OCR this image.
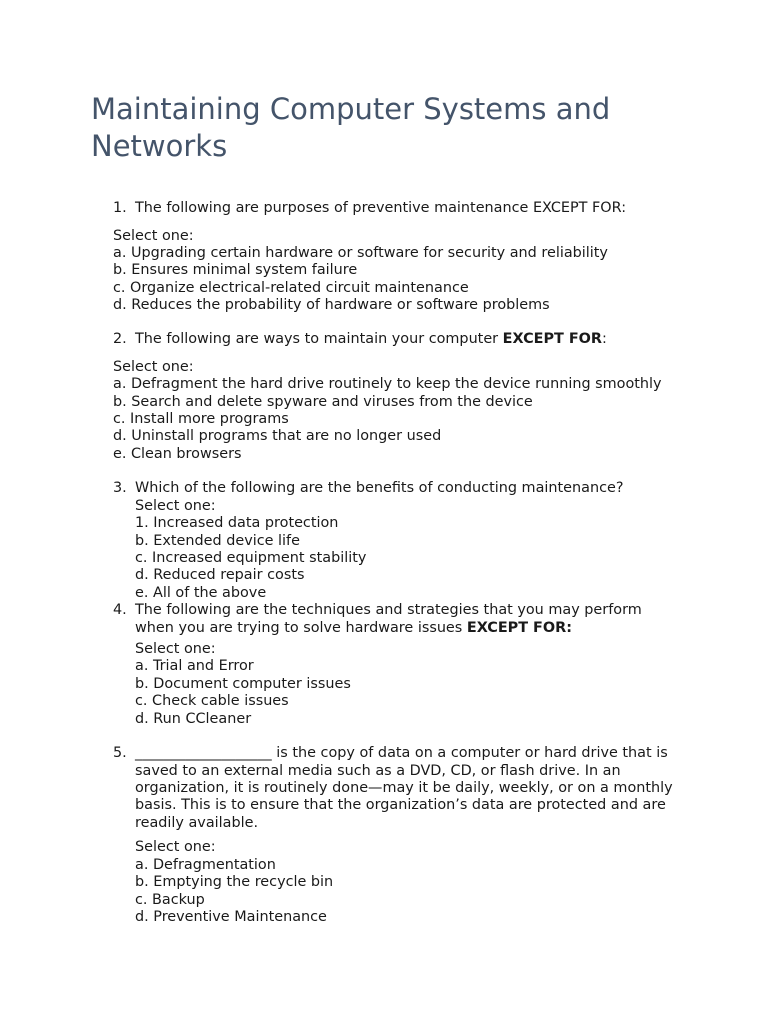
Maintaining Computer Systems and
Networks
1. The following are purposes of preventive maintenance EXCEPT FOR:
Select one:
a. Upgrading certain hardware or software for security and reliability
b. Ensures minimal system failure
c. Organize electrical-related circuit maintenance
d. Reduces the probability of hardware or software problems
2. The following are ways to maintain your computer EXCEPT FOR:
Select one:
a. Defragment the hard drive routinely to keep the device running smoothly
b. Search and delete spyware and viruses from the device
c. Install more programs
d. Uninstall programs that are no longer used
e. Clean browsers
3. Which of the following are the benefits of conducting maintenance?
Select one:
1. Increased data protection
b. Extended device life
c. Increased equipment stability
d. Reduced repair costs
e. All of the above
4. The following are the techniques and strategies that you may perform
when you are trying to solve hardware issues EXCEPT FOR:
Select one:
a. Trial and Error
b. Document computer issues
c. Check cable issues
d. Run CCleaner
5. ___________________ is the copy of data on a computer or hard drive that is
saved to an external media such as a DVD, CD, or flash drive. In an
organization, it is routinely done—may it be daily, weekly, or on a monthly
basis. This is to ensure that the organization’s data are protected and are
readily available.
Select one:
a. Defragmentation
b. Emptying the recycle bin
c. Backup
d. Preventive Maintenance
